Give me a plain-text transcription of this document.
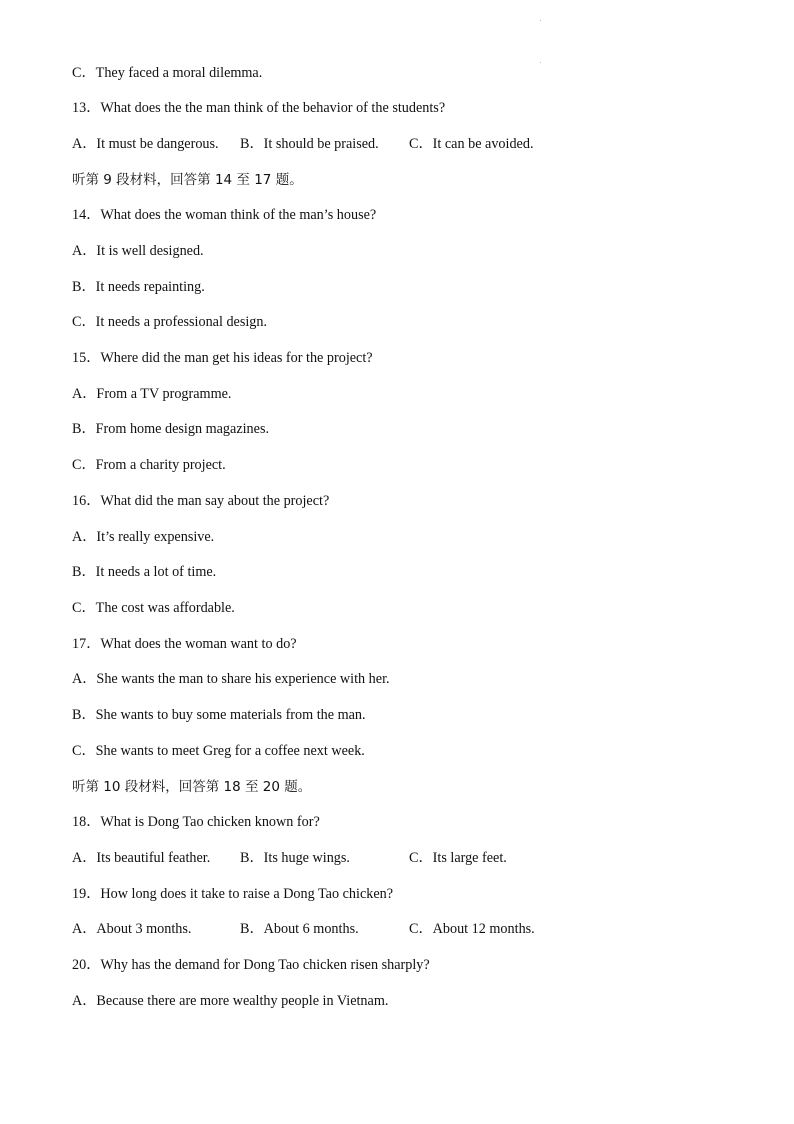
C．They faced a moral dilemma.
13．What does the the man think of the behavior of the students?
A．It must be dangerous. B．It should be praised. C．It can be avoided.
听第 9 段材料，回答第 14 至 17 题。
14．What does the woman think of the man’s house?
A．It is well designed.
B．It needs repainting.
C．It needs a professional design.
15．Where did the man get his ideas for the project?
A．From a TV programme.
B．From home design magazines.
C．From a charity project.
16．What did the man say about the project?
A．It’s really expensive.
B．It needs a lot of time.
C．The cost was affordable.
17．What does the woman want to do?
A．She wants the man to share his experience with her.
B．She wants to buy some materials from the man.
C．She wants to meet Greg for a coffee next week.
听第 10 段材料，回答第 18 至 20 题。
18．What is Dong Tao chicken known for?
A．Its beautiful feather. B．Its huge wings.	C．Its large feet.
19．How long does it take to raise a Dong Tao chicken?
A．About 3 months.	B．About 6 months.	C．About 12 months.
20．Why has the demand for Dong Tao chicken risen sharply?
A．Because there are more wealthy people in Vietnam.
